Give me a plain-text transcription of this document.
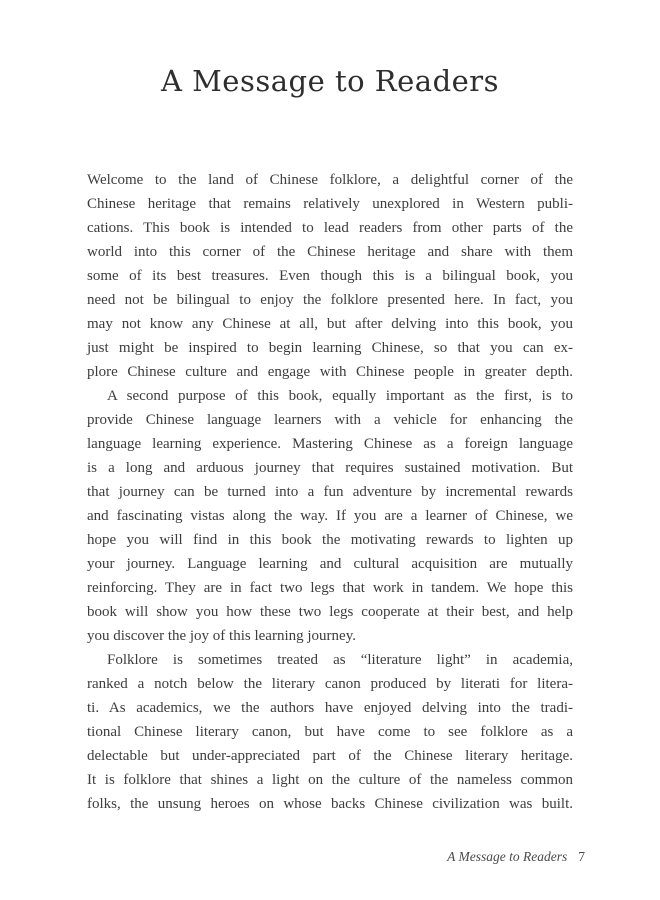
A Message to Readers
Welcome to the land of Chinese folklore, a delightful corner of the
Chinese heritage that remains relatively unexplored in Western publi-
cations. This book is intended to lead readers from other parts of the
world into this corner of the Chinese heritage and share with them
some of its best treasures. Even though this is a bilingual book, you
need not be bilingual to enjoy the folklore presented here. In fact, you
may not know any Chinese at all, but after delving into this book, you
just might be inspired to begin learning Chinese, so that you can ex-
plore Chinese culture and engage with Chinese people in greater depth.
A second purpose of this book, equally important as the first, is to
provide Chinese language learners with a vehicle for enhancing the
language learning experience. Mastering Chinese as a foreign language
is a long and arduous journey that requires sustained motivation. But
that journey can be turned into a fun adventure by incremental rewards
and fascinating vistas along the way. If you are a learner of Chinese, we
hope you will find in this book the motivating rewards to lighten up
your journey. Language learning and cultural acquisition are mutually
reinforcing. They are in fact two legs that work in tandem. We hope this
book will show you how these two legs cooperate at their best, and help
you discover the joy of this learning journey.
Folklore is sometimes treated as “literature light” in academia,
ranked a notch below the literary canon produced by literati for litera-
ti. As academics, we the authors have enjoyed delving into the tradi-
tional Chinese literary canon, but have come to see folklore as a
delectable but under-appreciated part of the Chinese literary heritage.
It is folklore that shines a light on the culture of the nameless common
folks, the unsung heroes on whose backs Chinese civilization was built.
A Message to Readers 7
